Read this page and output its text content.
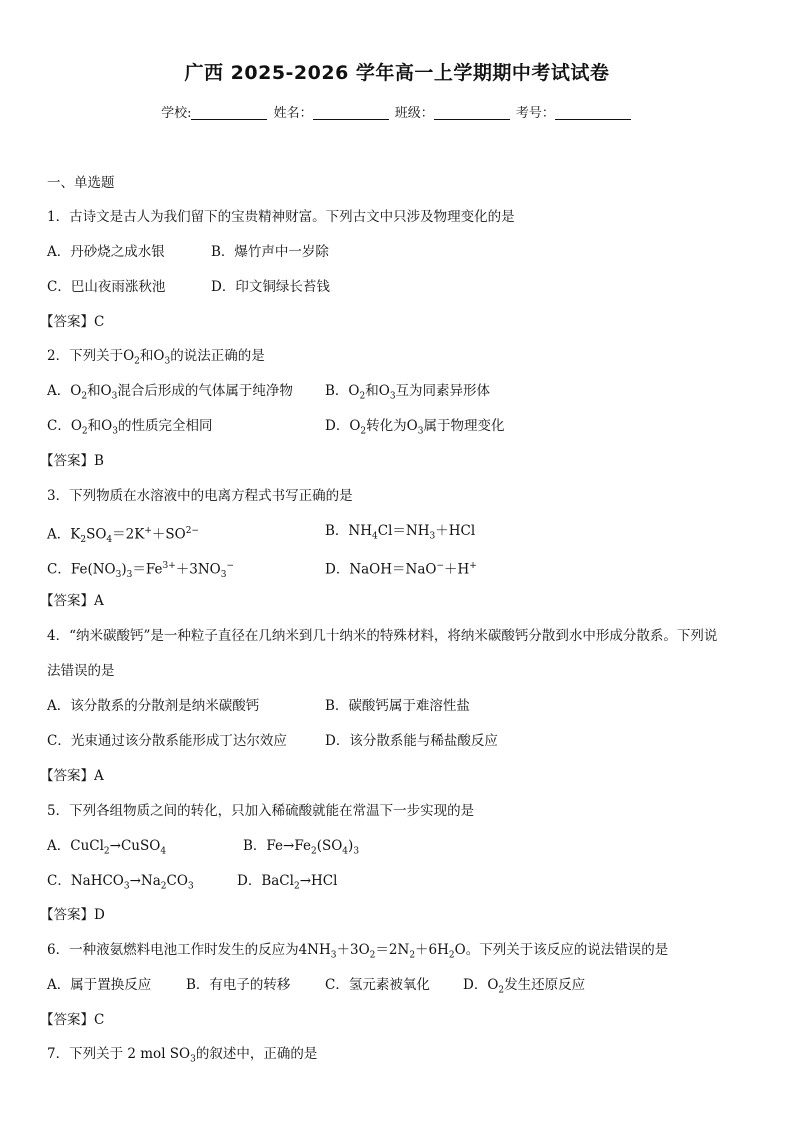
广西 2025-2026 学年高一上学期期中考试试卷
学校:	姓名：	班级：	考号：
一、单选题
1．古诗文是古人为我们留下的宝贵精神财富。下列古文中只涉及物理变化的是
A．丹砂烧之成水银	B．爆竹声中一岁除
C．巴山夜雨涨秋池	D．印文铜绿长苔钱
【答案】C
2．下列关于$O_2$和$O_3$的说法正确的是
A．$O_2$和$O_3$混合后形成的气体属于纯净物 B．$O_2$和$O_3$互为同素异形体
C．$O_2$和$O_3$的性质完全相同	D．$O_2$转化为$O_3$属于物理变化
【答案】B
3．下列物质在水溶液中的电离方程式书写正确的是
A．$K_2SO_4=2K^++SO^{2-}$	B．$NH_4Cl=NH_3+HCl$
C．$Fe(NO_3)_3=Fe^{3+}+3NO_3^-$	D．NaOH＝NaO−＋H+
【答案】A
4．“纳米碳酸钙”是一种粒子直径在几纳米到几十纳米的特殊材料，将纳米碳酸钙分散到水中形成分散系。下列说
法错误的是
A．该分散系的分散剂是纳米碳酸钙	B．碳酸钙属于难溶性盐
C．光束通过该分散系能形成丁达尔效应	D．该分散系能与稀盐酸反应
【答案】A
5．下列各组物质之间的转化，只加入稀硫酸就能在常温下一步实现的是
A．CuCl$_2$→CuSO$_4$	B．$Fe\to Fe_2(SO_4)_3$
C．$NaHCO_3\to Na_2CO_3$	D．BaCl$_2$→HCl
【答案】D
6．一种液氨燃料电池工作时发生的反应为$4NH_3+3O_2=2N_2+6H_2O$。下列关于该反应的说法错误的是
A．属于置换反应	B．有电子的转移	C．氢元素被氧化 D．$O_2$发生还原反应
【答案】C
7．下列关于 2 mol $SO_3$的叙述中，正确的是
